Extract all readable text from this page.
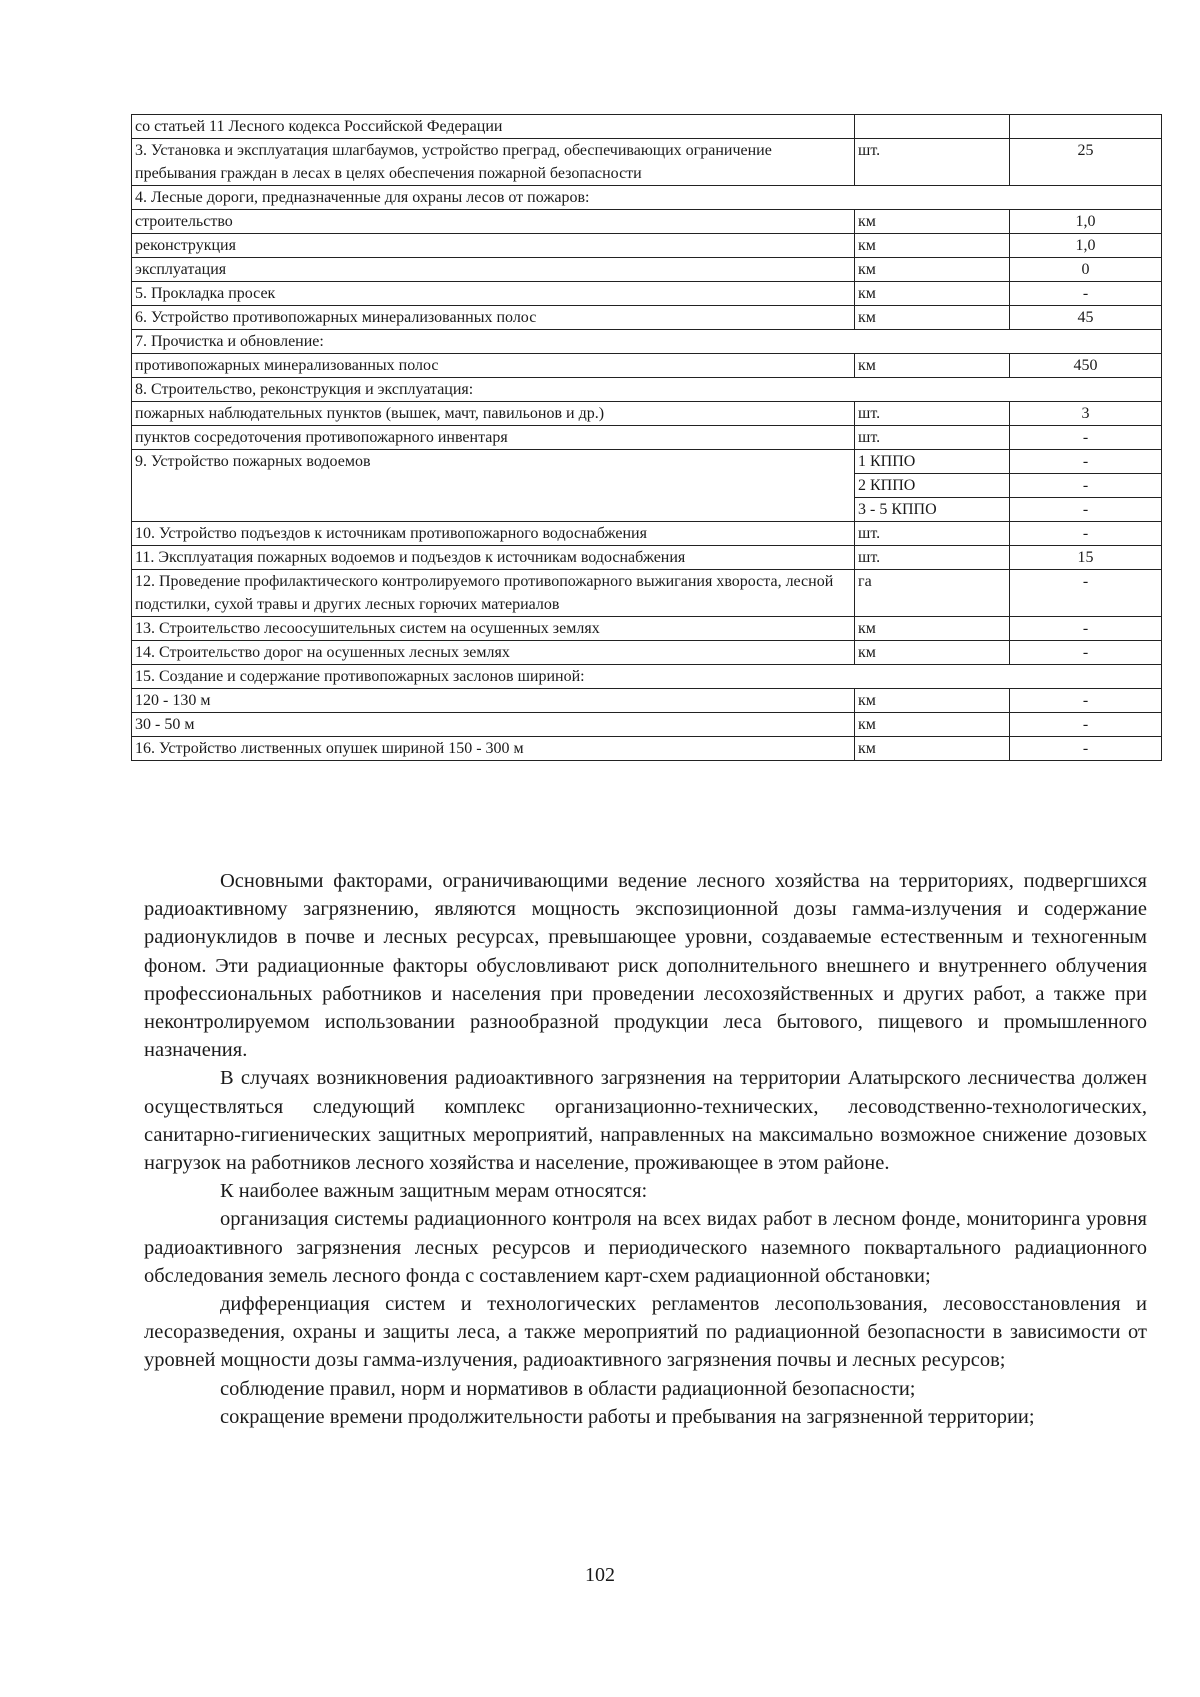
со статьей 11 Лесного кодекса Российской Федерации		
3. Установка и эксплуатация шлагбаумов, устройство преград, обеспечивающих ограничение пребывания граждан в лесах в целях обеспечения пожарной безопасности	шт.	25
4. Лесные дороги, предназначенные для охраны лесов от пожаров:		
строительство	км	1,0
реконструкция	км	1,0
эксплуатация	км	0
5. Прокладка просек	км	-
6. Устройство противопожарных минерализованных полос	км	45
7. Прочистка и обновление:		
противопожарных минерализованных полос	км	450
8. Строительство, реконструкция и эксплуатация:		
пожарных наблюдательных пунктов (вышек, мачт, павильонов и др.)	шт.	3
пунктов сосредоточения противопожарного инвентаря	шт.	-
9. Устройство пожарных водоемов	1 КППО	-
	2 КППО	-
	3 - 5 КППО	-
10. Устройство подъездов к источникам противопожарного водоснабжения	шт.	-
11. Эксплуатация пожарных водоемов и подъездов к источникам водоснабжения	шт.	15
12. Проведение профилактического контролируемого противопожарного выжигания хвороста, лесной подстилки, сухой травы и других лесных горючих материалов	га	-
13. Строительство лесоосушительных систем на осушенных землях	км	-
14. Строительство дорог на осушенных лесных землях	км	-
15. Создание и содержание противопожарных заслонов шириной:		
120 - 130 м	км	-
30 - 50 м	км	-
16. Устройство лиственных опушек шириной 150 - 300 м	км	-

Основными факторами, ограничивающими ведение лесного хозяйства на территориях, подвергшихся радиоактивному загрязнению, являются мощность экспозиционной дозы гамма-излучения и содержание радионуклидов в почве и лесных ресурсах, превышающее уровни, создаваемые естественным и техногенным фоном. Эти радиационные факторы обусловливают риск дополнительного внешнего и внутреннего облучения профессиональных работников и населения при проведении лесохозяйственных и других работ, а также при неконтролируемом использовании разнообразной продукции леса бытового, пищевого и промышленного назначения.

В случаях возникновения радиоактивного загрязнения на территории Алатырского лесничества должен осуществляться следующий комплекс организационно-технических, лесоводственно-технологических, санитарно-гигиенических защитных мероприятий, направленных на максимально возможное снижение дозовых нагрузок на работников лесного хозяйства и население, проживающее в этом районе.

К наиболее важным защитным мерам относятся:

организация системы радиационного контроля на всех видах работ в лесном фонде, мониторинга уровня радиоактивного загрязнения лесных ресурсов и периодического наземного поквартального радиационного обследования земель лесного фонда с составлением карт-схем радиационной обстановки;

дифференциация систем и технологических регламентов лесопользования, лесовосстановления и лесоразведения, охраны и защиты леса, а также мероприятий по радиационной безопасности в зависимости от уровней мощности дозы гамма-излучения, радиоактивного загрязнения почвы и лесных ресурсов;

соблюдение правил, норм и нормативов в области радиационной безопасности;

сокращение времени продолжительности работы и пребывания на загрязненной территории;

102
